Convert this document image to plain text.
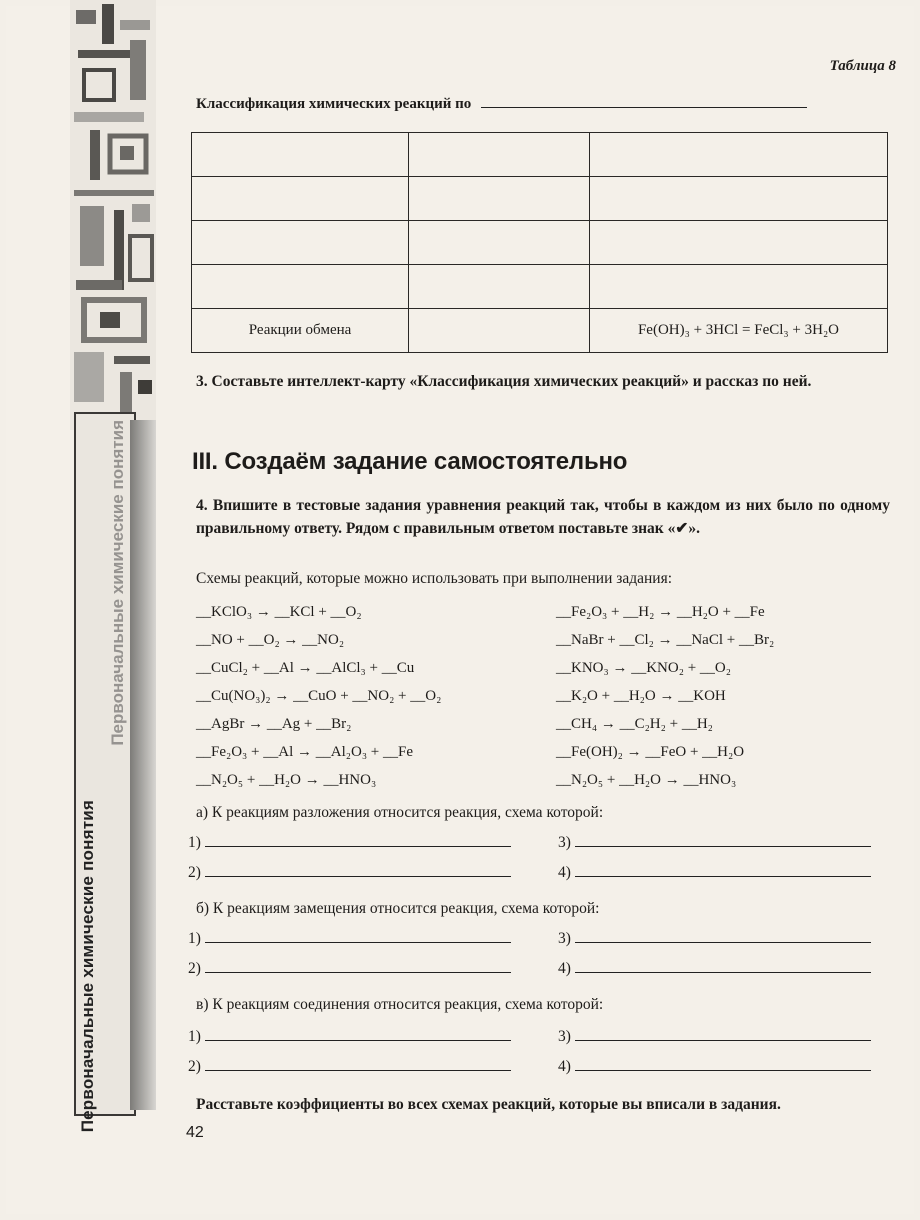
Первоначальные химические понятия
Первоначальные химические понятия
Таблица 8
Классификация химических реакций по

Реакции обмена		Fe(OH)₃ + 3HCl = FeCl₃ + 3H₂O
3. Составьте интеллект-карту «Классификация химических реакций» и рассказ по ней.
III. Создаём задание самостоятельно
4. Впишите в тестовые задания уравнения реакций так, чтобы в каждом из них было по одному правильному ответу. Рядом с правильным ответом поставьте знак «✔».
Схемы реакций, которые можно использовать при выполнении задания:
__KClO₃ → __KCl + __O₂
__NO + __O₂ → __NO₂
__CuCl₂ + __Al → __AlCl₃ + __Cu
__Cu(NO₃)₂ → __CuO + __NO₂ + __O₂
__AgBr → __Ag + __Br₂
__Fe₂O₃ + __Al → __Al₂O₃ + __Fe
__N₂O₅ + __H₂O → __HNO₃
__Fe₂O₃ + __H₂ → __H₂O + __Fe
__NaBr + __Cl₂ → __NaCl + __Br₂
__KNO₃ → __KNO₂ + __O₂
__K₂O + __H₂O → __KOH
__CH₄ → __C₂H₂ + __H₂
__Fe(OH)₂ → __FeO + __H₂O
__N₂O₅ + __H₂O → __HNO₃
а) К реакциям разложения относится реакция, схема которой:
1)	3)
2)	4)
б) К реакциям замещения относится реакция, схема которой:
1)	3)
2)	4)
в) К реакциям соединения относится реакция, схема которой:
1)	3)
2)	4)
Расставьте коэффициенты во всех схемах реакций, которые вы вписали в задания.
42
